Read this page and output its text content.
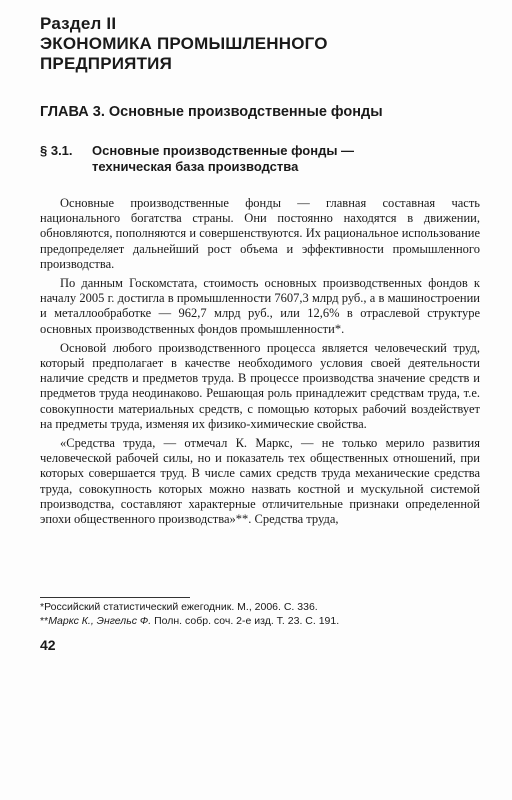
Раздел II
ЭКОНОМИКА ПРОМЫШЛЕННОГО
ПРЕДПРИЯТИЯ
ГЛАВА 3. Основные производственные фонды
§ 3.1. Основные производственные фонды —
техническая база производства

Основные производственные фонды — главная составная часть национального богатства страны. Они постоянно находятся в движении, обновляются, пополняются и совершенствуются. Их рациональное использование предопределяет дальнейший рост объема и эффективности промышленного производства.

По данным Госкомстата, стоимость основных производственных фондов к началу 2005 г. достигла в промышленности 7607,3 млрд руб., а в машиностроении и металлообработке — 962,7 млрд руб., или 12,6% в отраслевой структуре основных производственных фондов промышленности*.

Основой любого производственного процесса является человеческий труд, который предполагает в качестве необходимого условия своей деятельности наличие средств и предметов труда. В процессе производства значение средств и предметов труда неодинаково. Решающая роль принадлежит средствам труда, т.е. совокупности материальных средств, с помощью которых рабочий воздействует на предметы труда, изменяя их физико-химические свойства.

«Средства труда, — отмечал К. Маркс, — не только мерило развития человеческой рабочей силы, но и показатель тех общественных отношений, при которых совершается труд. В числе самих средств труда механические средства труда, совокупность которых можно назвать костной и мускульной системой производства, составляют характерные отличительные признаки определенной эпохи общественного производства»**. Средства труда,

*Российский статистический ежегодник. М., 2006. С. 336.
**Маркс К., Энгельс Ф. Полн. собр. соч. 2-е изд. Т. 23. С. 191.
42
